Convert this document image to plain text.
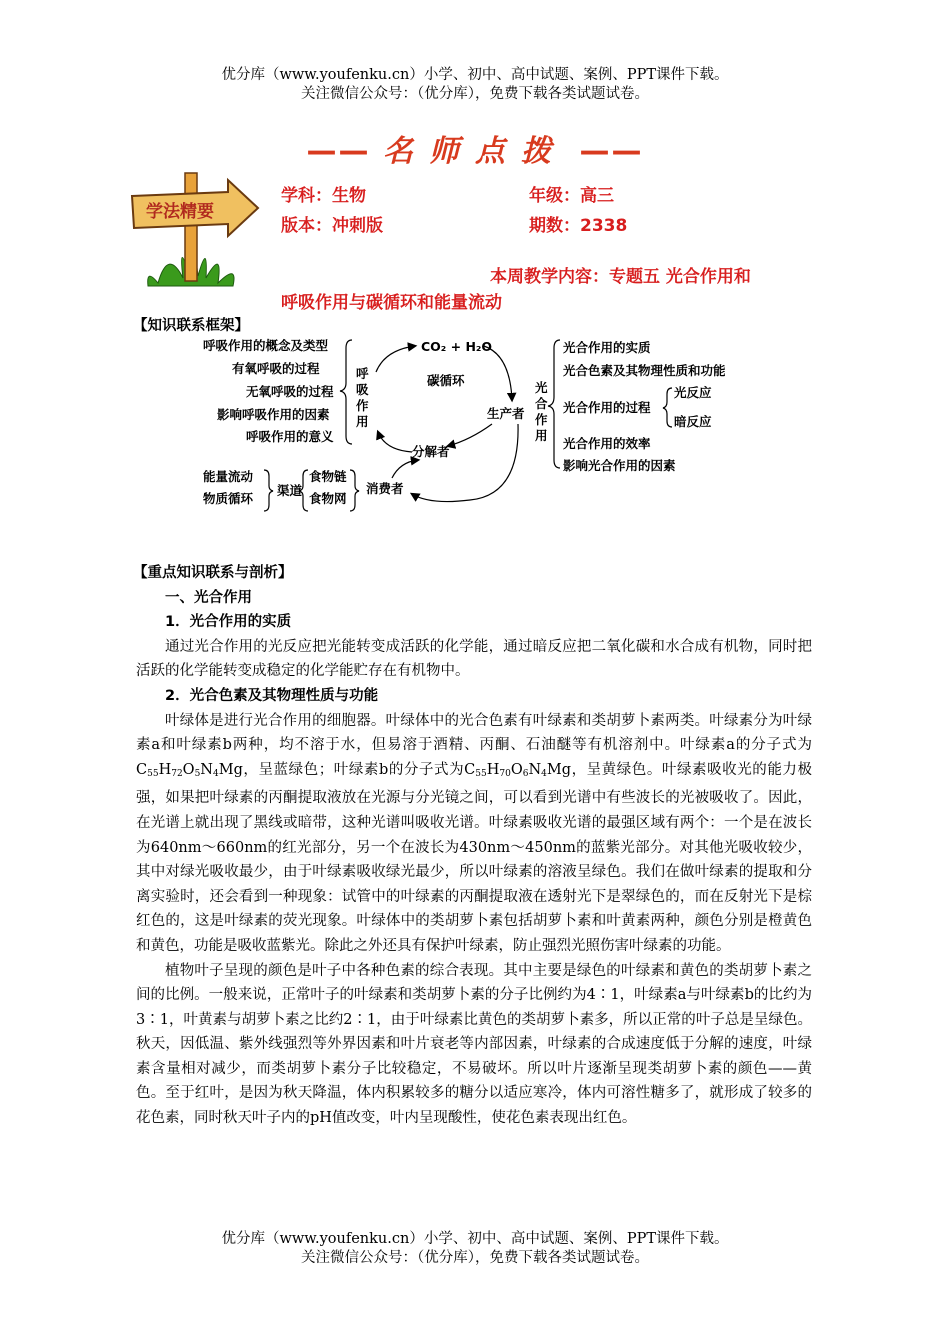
优分库（www.youfenku.cn）小学、初中、高中试题、案例、PPT课件下载。
关注微信公众号：（优分库），免费下载各类试题试卷。
—— 名师点拨 ——
学法精要
学科：生物	年级：高三
版本：冲刺版	期数：2338
本周教学内容：专题五 光合作用和
呼吸作用与碳循环和能量流动
【知识联系框架】
呼吸作用的概念及类型
有氧呼吸的过程
无氧呼吸的过程
影响呼吸作用的因素
呼吸作用的意义
呼
吸
作
用
CO₂ + H₂O
碳循环
生产者
分解者
消费者
光
合
作
用
光合作用的实质
光合色素及其物理性质和功能
光合作用的过程
光反应
暗反应
光合作用的效率
影响光合作用的因素
能量流动
物质循环
渠道
食物链
食物网
【重点知识联系与剖析】
一、光合作用
1．光合作用的实质

通过光合作用的光反应把光能转变成活跃的化学能，通过暗反应把二氧化碳和水合成有机物，同时把活跃的化学能转变成稳定的化学能贮存在有机物中。

2．光合色素及其物理性质与功能

叶绿体是进行光合作用的细胞器。叶绿体中的光合色素有叶绿素和类胡萝卜素两类。叶绿素分为叶绿素a和叶绿素b两种，均不溶于水，但易溶于酒精、丙酮、石油醚等有机溶剂中。叶绿素a的分子式为$C_{55}H_{72}O_5N_4Mg$，呈蓝绿色；叶绿素b的分子式为$C_{55}H_{70}O_6N_4Mg$，呈黄绿色。叶绿素吸收光的能力极强，如果把叶绿素的丙酮提取液放在光源与分光镜之间，可以看到光谱中有些波长的光被吸收了。因此，在光谱上就出现了黑线或暗带，这种光谱叫吸收光谱。叶绿素吸收光谱的最强区域有两个：一个是在波长为640nm～660nm的红光部分，另一个在波长为430nm～450nm的蓝紫光部分。对其他光吸收较少，其中对绿光吸收最少，由于叶绿素吸收绿光最少，所以叶绿素的溶液呈绿色。我们在做叶绿素的提取和分离实验时，还会看到一种现象：试管中的叶绿素的丙酮提取液在透射光下是翠绿色的，而在反射光下是棕红色的，这是叶绿素的荧光现象。叶绿体中的类胡萝卜素包括胡萝卜素和叶黄素两种，颜色分别是橙黄色和黄色，功能是吸收蓝紫光。除此之外还具有保护叶绿素，防止强烈光照伤害叶绿素的功能。

植物叶子呈现的颜色是叶子中各种色素的综合表现。其中主要是绿色的叶绿素和黄色的类胡萝卜素之间的比例。一般来说，正常叶子的叶绿素和类胡萝卜素的分子比例约为4∶1，叶绿素a与叶绿素b的比约为3∶1，叶黄素与胡萝卜素之比约2∶1，由于叶绿素比黄色的类胡萝卜素多，所以正常的叶子总是呈绿色。秋天，因低温、紫外线强烈等外界因素和叶片衰老等内部因素，叶绿素的合成速度低于分解的速度，叶绿素含量相对减少，而类胡萝卜素分子比较稳定，不易破坏。所以叶片逐渐呈现类胡萝卜素的颜色——黄色。至于红叶，是因为秋天降温，体内积累较多的糖分以适应寒冷，体内可溶性糖多了，就形成了较多的花色素，同时秋天叶子内的pH值改变，叶内呈现酸性，使花色素表现出红色。

优分库（www.youfenku.cn）小学、初中、高中试题、案例、PPT课件下载。
关注微信公众号：（优分库），免费下载各类试题试卷。
